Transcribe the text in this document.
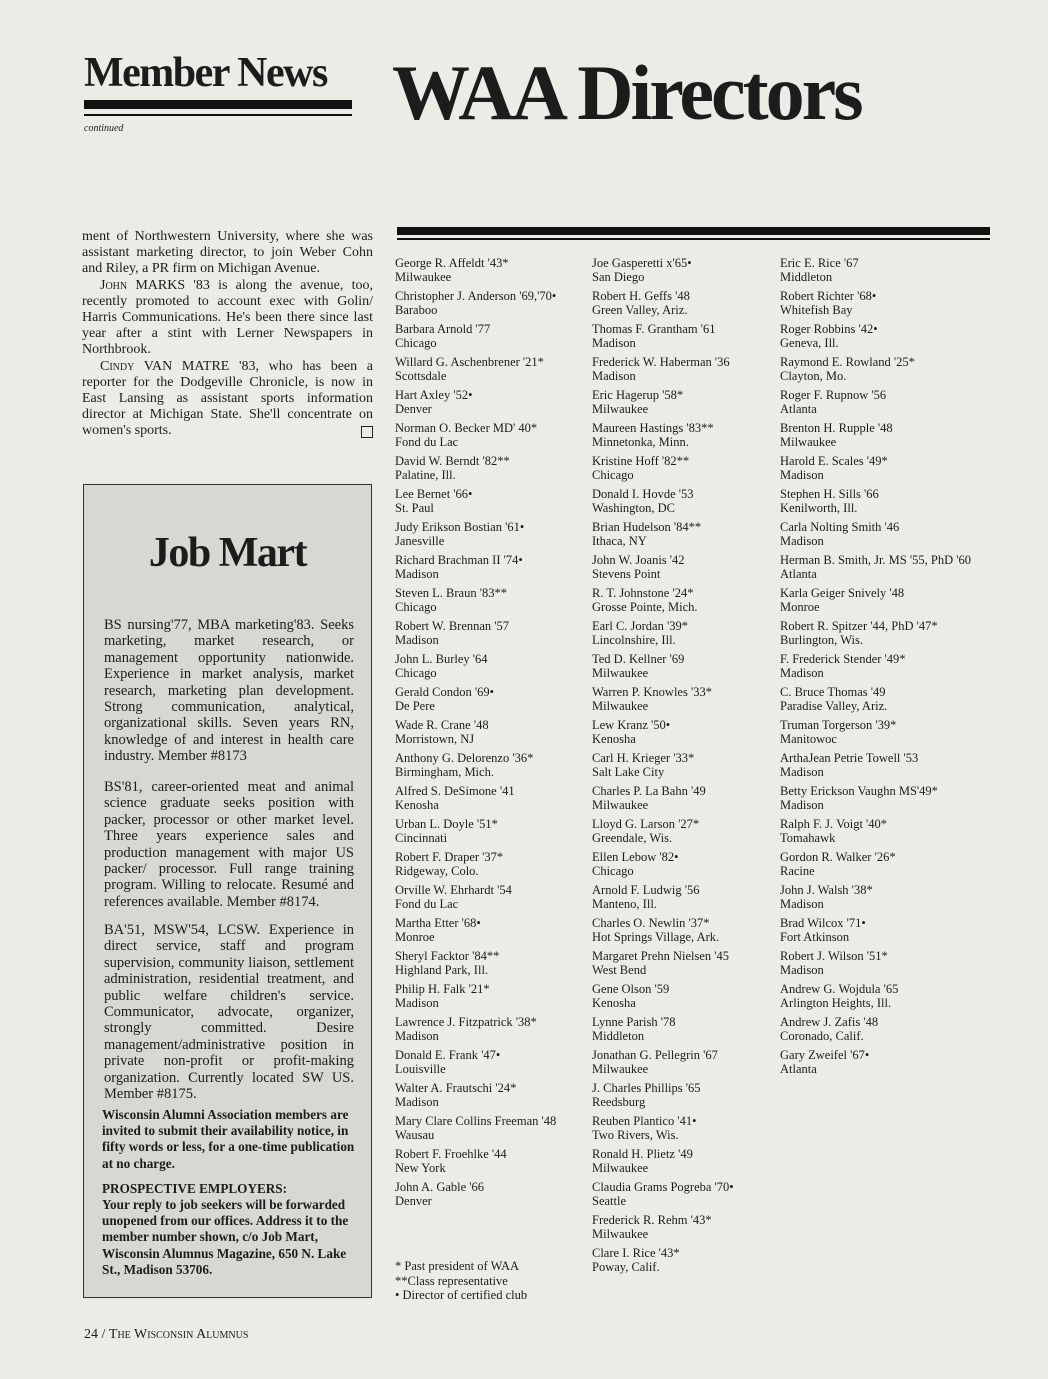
Member News
continued	WAA Directors

ment of Northwestern University, where she was assistant marketing director, to join Weber Cohn and Riley, a PR firm on Michigan Avenue.

John MARKS '83 is along the avenue, too, recently promoted to account exec with Golin/ Harris Communications. He's been there since last year after a stint with Lerner Newspapers in Northbrook.

Cindy VAN MATRE '83, who has been a reporter for the Dodgeville Chronicle, is now in East Lansing as assistant sports information director at Michigan State. She'll concentrate on women's sports.

Job Mart
BS nursing'77, MBA marketing'83. Seeks marketing, market research, or management opportunity nationwide. Experience in market analysis, market research, marketing plan development. Strong communication, analytical, organizational skills. Seven years RN, knowledge of and interest in health care industry. Member #8173
BS'81, career-oriented meat and animal science graduate seeks position with packer, processor or other market level. Three years experience sales and production management with major US packer/ processor. Full range training program. Willing to relocate. Resumé and references available. Member #8174.
BA'51, MSW'54, LCSW. Experience in direct service, staff and program supervision, community liaison, settlement administration, residential treatment, and public welfare children's service. Communicator, advocate, organizer, strongly committed. Desire management/administrative position in private non-profit or profit-making organization. Currently located SW US. Member #8175.
Wisconsin Alumni Association members are invited to submit their availability notice, in fifty words or less, for a one-time publication at no charge.
PROSPECTIVE EMPLOYERS:
Your reply to job seekers will be forwarded unopened from our offices. Address it to the member number shown, c/o Job Mart, Wisconsin Alumnus Magazine, 650 N. Lake St., Madison 53706.
George R. Affeldt '43*
Milwaukee
Christopher J. Anderson '69,'70•
Baraboo
Barbara Arnold '77
Chicago
Willard G. Aschenbrener '21*
Scottsdale
Hart Axley '52•
Denver
Norman O. Becker MD' 40*
Fond du Lac
David W. Berndt '82**
Palatine, Ill.
Lee Bernet '66•
St. Paul
Judy Erikson Bostian '61•
Janesville
Richard Brachman II '74•
Madison
Steven L. Braun '83**
Chicago
Robert W. Brennan '57
Madison
John L. Burley '64
Chicago
Gerald Condon '69•
De Pere
Wade R. Crane '48
Morristown, NJ
Anthony G. Delorenzo '36*
Birmingham, Mich.
Alfred S. DeSimone '41
Kenosha
Urban L. Doyle '51*
Cincinnati
Robert F. Draper '37*
Ridgeway, Colo.
Orville W. Ehrhardt '54
Fond du Lac
Martha Etter '68•
Monroe
Sheryl Facktor '84**
Highland Park, Ill.
Philip H. Falk '21*
Madison
Lawrence J. Fitzpatrick '38*
Madison
Donald E. Frank '47•
Louisville
Walter A. Frautschi '24*
Madison
Mary Clare Collins Freeman '48
Wausau
Robert F. Froehlke '44
New York
John A. Gable '66
Denver
Joe Gasperetti x'65•
San Diego
Robert H. Geffs '48
Green Valley, Ariz.
Thomas F. Grantham '61
Madison
Frederick W. Haberman '36
Madison
Eric Hagerup '58*
Milwaukee
Maureen Hastings '83**
Minnetonka, Minn.
Kristine Hoff '82**
Chicago
Donald I. Hovde '53
Washington, DC
Brian Hudelson '84**
Ithaca, NY
John W. Joanis '42
Stevens Point
R. T. Johnstone '24*
Grosse Pointe, Mich.
Earl C. Jordan '39*
Lincolnshire, Ill.
Ted D. Kellner '69
Milwaukee
Warren P. Knowles '33*
Milwaukee
Lew Kranz '50•
Kenosha
Carl H. Krieger '33*
Salt Lake City
Charles P. La Bahn '49
Milwaukee
Lloyd G. Larson '27*
Greendale, Wis.
Ellen Lebow '82•
Chicago
Arnold F. Ludwig '56
Manteno, Ill.
Charles O. Newlin '37*
Hot Springs Village, Ark.
Margaret Prehn Nielsen '45
West Bend
Gene Olson '59
Kenosha
Lynne Parish '78
Middleton
Jonathan G. Pellegrin '67
Milwaukee
J. Charles Phillips '65
Reedsburg
Reuben Plantico '41•
Two Rivers, Wis.
Ronald H. Plietz '49
Milwaukee
Claudia Grams Pogreba '70•
Seattle
Frederick R. Rehm '43*
Milwaukee
Clare I. Rice '43*
Poway, Calif.
Eric E. Rice '67
Middleton
Robert Richter '68•
Whitefish Bay
Roger Robbins '42•
Geneva, Ill.
Raymond E. Rowland '25*
Clayton, Mo.
Roger F. Rupnow '56
Atlanta
Brenton H. Rupple '48
Milwaukee
Harold E. Scales '49*
Madison
Stephen H. Sills '66
Kenilworth, Ill.
Carla Nolting Smith '46
Madison
Herman B. Smith, Jr. MS '55, PhD '60
Atlanta
Karla Geiger Snively '48
Monroe
Robert R. Spitzer '44, PhD '47*
Burlington, Wis.
F. Frederick Stender '49*
Madison
C. Bruce Thomas '49
Paradise Valley, Ariz.
Truman Torgerson '39*
Manitowoc
ArthaJean Petrie Towell '53
Madison
Betty Erickson Vaughn MS'49*
Madison
Ralph F. J. Voigt '40*
Tomahawk
Gordon R. Walker '26*
Racine
John J. Walsh '38*
Madison
Brad Wilcox '71•
Fort Atkinson
Robert J. Wilson '51*
Madison
Andrew G. Wojdula '65
Arlington Heights, Ill.
Andrew J. Zafis '48
Coronado, Calif.
Gary Zweifel '67•
Atlanta
* Past president of WAA
**Class representative
• Director of certified club
24 / The Wisconsin Alumnus
